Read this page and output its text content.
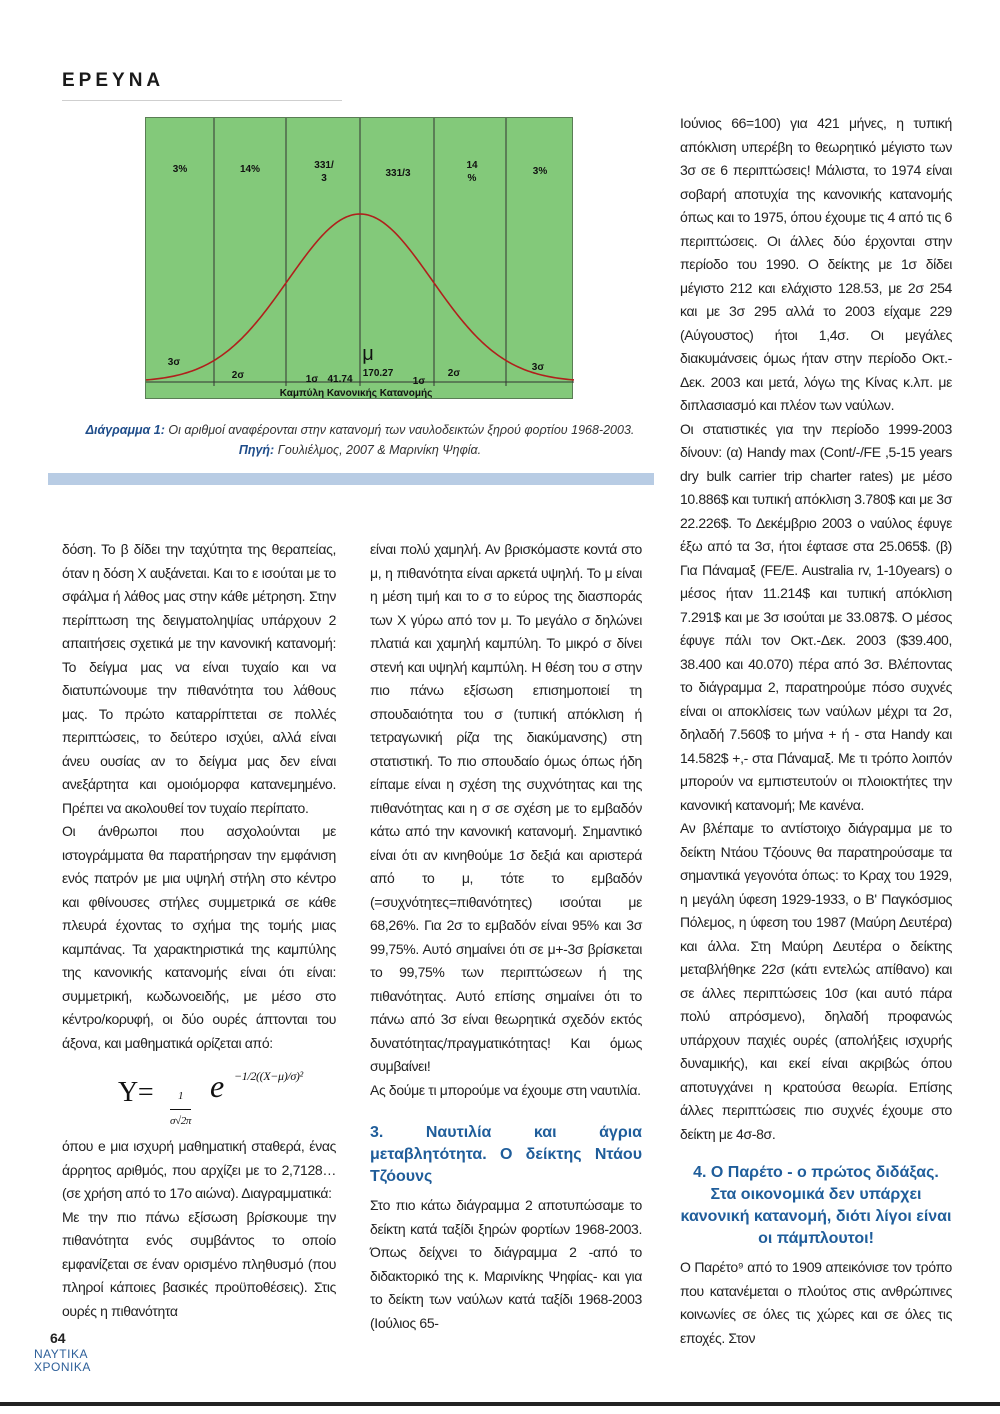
ΕΡΕΥΝΑ
3%	14%	331/
3	331/3
14
%
3%
3σ
2σ	1σ 41.74
μ
170.27
1σ
2σ
3σ
Καμπύλη Κανονικής Κατανομής
Διάγραμμα 1: Οι αριθμοί αναφέρονται στην κατανομή των ναυλοδεικτών ξηρού φορτίου 1968-2003.
Πηγή: Γουλιέλμος, 2007 & Μαρινίκη Ψηφία.

δόση. Το β δίδει την ταχύτητα της θεραπείας, όταν η δόση Χ αυξάνεται. Και το ε ισούται με το σφάλμα ή λάθος μας στην κάθε μέτρηση. Στην περίπτωση της δειγματοληψίας υπάρχουν 2 απαιτήσεις σχετικά με την κανονική κατανομή: Το δείγμα μας να είναι τυχαίο και να διατυπώνουμε την πιθανότητα του λάθους μας. Το πρώτο καταρρίπτεται σε πολλές περιπτώσεις, το δεύτερο ισχύει, αλλά είναι άνευ ουσίας αν το δείγμα μας δεν είναι ανεξάρτητα και ομοιόμορφα κατανεμημένο. Πρέπει να ακολουθεί τον τυχαίο περίπατο.

Οι άνθρωποι που ασχολούνται με ιστογράμματα θα παρατήρησαν την εμφάνιση ενός πατρόν με μια υψηλή στήλη στο κέντρο και φθίνουσες στήλες συμμετρικά σε κάθε πλευρά έχοντας το σχήμα της τομής μιας καμπάνας. Τα χαρακτηριστικά της καμπύλης της κανονικής κατανομής είναι ότι είναι: συμμετρική, κωδωνοειδής, με μέσο στο κέντρο/κορυφή, οι δύο ουρές άπτονται του άξονα, και μαθηματικά ορίζεται από:

$Y= \frac{1}{\sigma√2\pi}$ e −1/2((X−μ)/σ)²

όπου e μια ισχυρή μαθηματική σταθερά, ένας άρρητος αριθμός, που αρχίζει με το 2,7128… (σε χρήση από το 17ο αιώνα). Διαγραμματικά:

Με την πιο πάνω εξίσωση βρίσκουμε την πιθανότητα ενός συμβάντος το οποίο εμφανίζεται σε έναν ορισμένο πληθυσμό (που πληροί κάποιες βασικές προϋποθέσεις). Στις ουρές η πιθανότητα

είναι πολύ χαμηλή. Αν βρισκόμαστε κοντά στο μ, η πιθανότητα είναι αρκετά υψηλή. Το μ είναι η μέση τιμή και το σ το εύρος της διασποράς των Χ γύρω από τον μ. Το μεγάλο σ δηλώνει πλατιά και χαμηλή καμπύλη. Το μικρό σ δίνει στενή και υψηλή καμπύλη. Η θέση του σ στην πιο πάνω εξίσωση επισημοποιεί τη σπουδαιότητα του σ (τυπική απόκλιση ή τετραγωνική ρίζα της διακύμανσης) στη στατιστική. Το πιο σπουδαίο όμως όπως ήδη είπαμε είναι η σχέση της συχνότητας και της πιθανότητας και η σ σε σχέση με το εμβαδόν κάτω από την κανονική κατανομή. Σημαντικό είναι ότι αν κινηθούμε 1σ δεξιά και αριστερά από το μ, τότε το εμβαδόν (=συχνότητες=πιθανότητες) ισούται με 68,26%. Για 2σ το εμβαδόν είναι 95% και 3σ 99,75%. Αυτό σημαίνει ότι σε μ+-3σ βρίσκεται το 99,75% των περιπτώσεων ή της πιθανότητας. Αυτό επίσης σημαίνει ότι το πάνω από 3σ είναι θεωρητικά σχεδόν εκτός δυνατότητας/πραγματικότητας! Και όμως συμβαίνει!

Ας δούμε τι μπορούμε να έχουμε στη ναυτιλία.

3. Ναυτιλία και άγρια μεταβλητότητα. Ο δείκτης Ντάου Τζόουνς

Στο πιο κάτω διάγραμμα 2 αποτυπώσαμε το δείκτη κατά ταξίδι ξηρών φορτίων 1968-2003. Όπως δείχνει το διάγραμμα 2 -από το διδακτορικό της κ. Μαρινίκης Ψηφίας- και για το δείκτη των ναύλων κατά ταξίδι 1968-2003 (Ιούλιος 65-

Ιούνιος 66=100) για 421 μήνες, η τυπική απόκλιση υπερέβη το θεωρητικό μέγιστο των 3σ σε 6 περιπτώσεις! Μάλιστα, το 1974 είναι σοβαρή αποτυχία της κανονικής κατανομής όπως και το 1975, όπου έχουμε τις 4 από τις 6 περιπτώσεις. Οι άλλες δύο έρχονται στην περίοδο του 1990. Ο δείκτης με 1σ δίδει μέγιστο 212 και ελάχιστο 128.53, με 2σ 254 και με 3σ 295 αλλά το 2003 είχαμε 229 (Αύγουστος) ήτοι 1,4σ. Οι μεγάλες διακυμάνσεις όμως ήταν στην περίοδο Οκτ.-Δεκ. 2003 και μετά, λόγω της Κίνας κ.λπ. με διπλασιασμό και πλέον των ναύλων.

Οι στατιστικές για την περίοδο 1999-2003 δίνουν: (α) Handy max (Cont/-/FE ,5-15 years dry bulk carrier trip charter rates) με μέσο 10.886$ και τυπική απόκλιση 3.780$ και με 3σ 22.226$. Το Δεκέμβριο 2003 ο ναύλος έφυγε έξω από τα 3σ, ήτοι έφτασε στα 25.065$. (β) Για Πάναμαξ (FE/E. Australia rv, 1-10years) ο μέσος ήταν 11.214$ και τυπική απόκλιση 7.291$ και με 3σ ισούται με 33.087$. Ο μέσος έφυγε πάλι τον Οκτ.-Δεκ. 2003 ($39.400, 38.400 και 40.070) πέρα από 3σ. Βλέποντας το διάγραμμα 2, παρατηρούμε πόσο συχνές είναι οι αποκλίσεις των ναύλων μέχρι τα 2σ, δηλαδή 7.560$ το μήνα + ή - στα Handy και 14.582$ +,- στα Πάναμαξ. Με τι τρόπο λοιπόν μπορούν να εμπιστευτούν οι πλοιοκτήτες την κανονική κατανομή; Με κανένα.

Αν βλέπαμε το αντίστοιχο διάγραμμα με το δείκτη Ντάου Τζόουνς θα παρατηρούσαμε τα σημαντικά γεγονότα όπως: το Κραχ του 1929, η μεγάλη ύφεση 1929-1933, ο Β' Παγκόσμιος Πόλεμος, η ύφεση του 1987 (Μαύρη Δευτέρα) και άλλα. Στη Μαύρη Δευτέρα ο δείκτης μεταβλήθηκε 22σ (κάτι εντελώς απίθανο) και σε άλλες περιπτώσεις 10σ (και αυτό πάρα πολύ απρόσμενο), δηλαδή προφανώς υπάρχουν παχιές ουρές (απολήξεις ισχυρής δυναμικής), και εκεί είναι ακριβώς όπου αποτυγχάνει η κρατούσα θεωρία. Επίσης άλλες περιπτώσεις πιο συχνές έχουμε στο δείκτη με 4σ-8σ.

4. Ο Παρέτο - ο πρώτος διδάξας. Στα οικονομικά δεν υπάρχει κανονική κατανομή, διότι λίγοι είναι οι πάμπλουτοι!

Ο Παρέτο⁹ από το 1909 απεικόνισε τον τρόπο που κατανέμεται ο πλούτος στις ανθρώπινες κοινωνίες σε όλες τις χώρες και σε όλες τις εποχές. Στον

64
ΝΑΥΤΙΚΑ
ΧΡΟΝΙΚΑ
